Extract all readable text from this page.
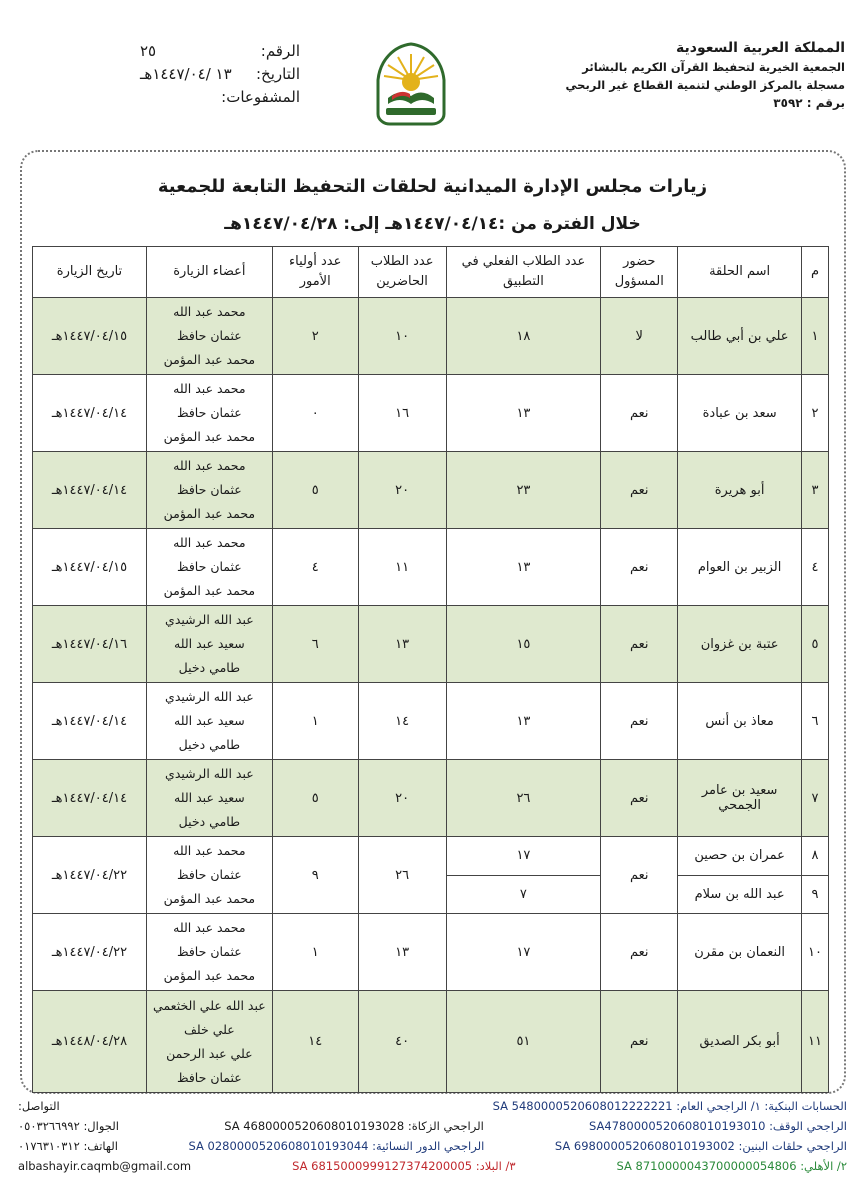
المملكة العربية السعودية
الجمعية الخيرية لتحفيظ القرآن الكريم بالبشائر
مسجلة بالمركز الوطني لتنمية القطاع غير الربحي
برقم : ٣٥٩٢
الرقم:
٢٥
التاريخ:
١٣ /١٤٤٧/٠٤هـ
المشفوعات:
زيارات مجلس الإدارة الميدانية لحلقات التحفيظ التابعة للجمعية
خلال الفترة من :١٤٤٧/٠٤/١٤هـ إلى: ١٤٤٧/٠٤/٢٨هـ
م	اسم الحلقة	حضور المسؤول	عدد الطلاب الفعلي في التطبيق	عدد الطلاب الحاضرين	عدد أولياء الأمور	أعضاء الزيارة	تاريخ الزيارة
١	علي بن أبي طالب	لا	١٨	١٠	٢	محمد عبد الله
عثمان حافظ
محمد عبد المؤمن	١٤٤٧/٠٤/١٥هـ
٢	سعد بن عبادة	نعم	١٣	١٦	٠	محمد عبد الله
عثمان حافظ
محمد عبد المؤمن	١٤٤٧/٠٤/١٤هـ
٣	أبو هريرة	نعم	٢٣	٢٠	٥	محمد عبد الله
عثمان حافظ
محمد عبد المؤمن	١٤٤٧/٠٤/١٤هـ
٤	الزبير بن العوام	نعم	١٣	١١	٤	محمد عبد الله
عثمان حافظ
محمد عبد المؤمن	١٤٤٧/٠٤/١٥هـ
٥	عتبة بن غزوان	نعم	١٥	١٣	٦	عبد الله الرشيدي
سعيد عبد الله
طامي دخيل	١٤٤٧/٠٤/١٦هـ
٦	معاذ بن أنس	نعم	١٣	١٤	١	عبد الله الرشيدي
سعيد عبد الله
طامي دخيل	١٤٤٧/٠٤/١٤هـ
٧	سعيد بن عامر الجمحي	نعم	٢٦	٢٠	٥	عبد الله الرشيدي
سعيد عبد الله
طامي دخيل	١٤٤٧/٠٤/١٤هـ
٨	عمران بن حصين	نعم	١٧	٢٦	٩	محمد عبد الله
عثمان حافظ
محمد عبد المؤمن	١٤٤٧/٠٤/٢٢هـ
٩	عبد الله بن سلام		٧				
١٠	النعمان بن مقرن	نعم	١٧	١٣	١	محمد عبد الله
عثمان حافظ
محمد عبد المؤمن	١٤٤٧/٠٤/٢٢هـ
١١	أبو بكر الصديق	نعم	٥١	٤٠	١٤	عبد الله علي الخثعمي
علي خلف
علي عبد الرحمن
عثمان حافظ	١٤٤٨/٠٤/٢٨هـ
الحسابات البنكية: ١/ الراجحي العام: SA 5480000520608012222221
التواصل:
الراجحي الوقف: SA4780000520608010193010
الراجحي الزكاة: SA 4680000520608010193028
الجوال: ٠٥٠٣٢٦٦٩٩٢
الراجحي حلقات البنين: SA 6980000520608010193002
الراجحي الدور النسائية: SA 0280000520608010193044
الهاتف: ٠١٧٦٣١٠٣١٢
٢/ الأهلي: SA 8710000043700000054806
٣/ البلاد: SA 6815000999127374200005
albashayir.caqmb@gmail.com
